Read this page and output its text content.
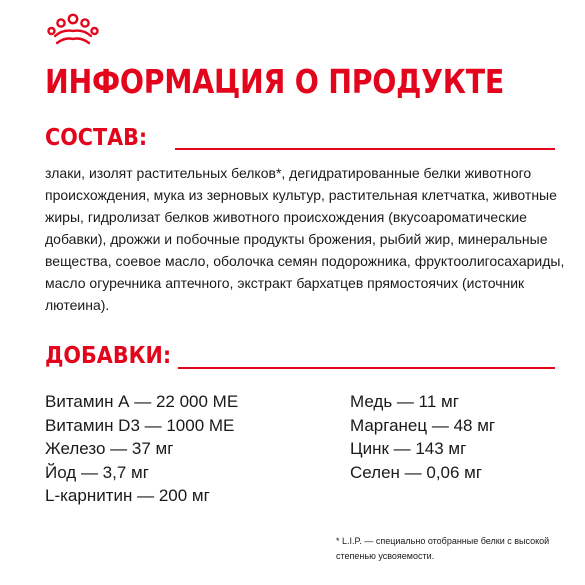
ИНФОРМАЦИЯ О ПРОДУКТЕ
СОСТАВ:

злаки, изолят растительных белков*, дегидратированные белки животного происхождения, мука из зерновых культур, растительная клетчатка, животные жиры, гидролизат белков животного происхождения (вкусоароматические добавки), дрожжи и побочные продукты брожения, рыбий жир, минеральные вещества, соевое масло, оболочка семян подорожника, фруктоолигосахариды, масло огуречника аптечного, экстракт бархатцев прямостоячих (источник лютеина).

ДОБАВКИ:
Витамин А — 22 000 МЕ
Витамин D3 — 1000 МЕ
Железо — 37 мг
Йод — 3,7 мг
L-карнитин — 200 мг
Медь — 11 мг
Марганец — 48 мг
Цинк — 143 мг
Селен — 0,06 мг

* L.I.P. — специально отобранные белки с высокой степенью усвояемости.
